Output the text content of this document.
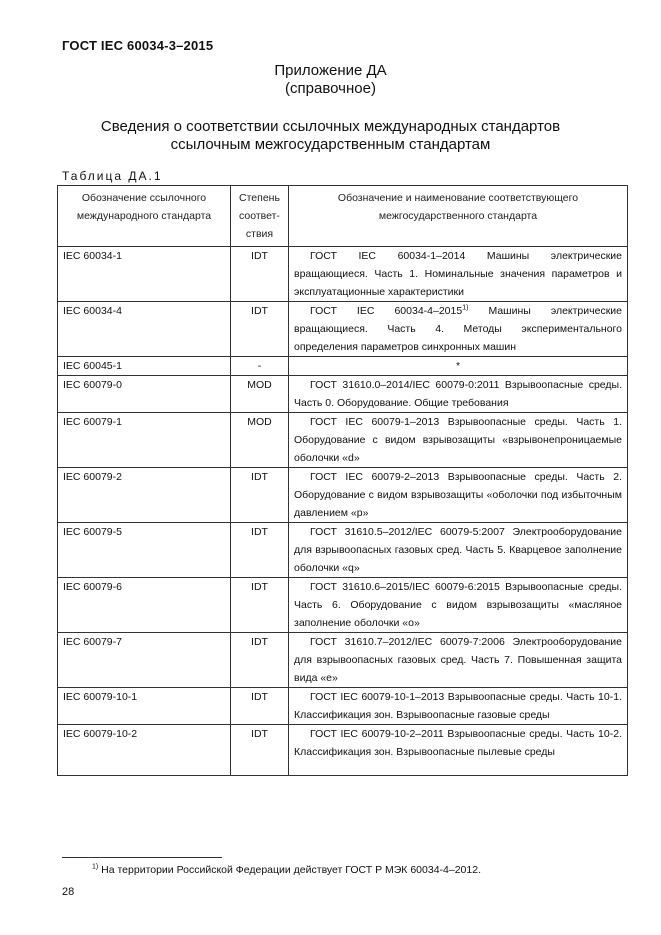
ГОСТ IEC 60034-3–2015
Приложение ДА
(справочное)
Сведения о соответствии ссылочных международных стандартов
ссылочным межгосударственным стандартам
Таблица ДА.1
Обозначение ссылочного международного стандарта	Степень соответ-ствия	Обозначение и наименование соответствующего межгосударственного стандарта
IEC 60034-1	IDT	ГОСТ IEC 60034-1–2014 Машины электрические вращающиеся. Часть 1. Номинальные значения параметров и эксплуатационные характеристики

IEC 60034-4	IDT	ГОСТ IEC 60034-4–2015$^{1)}$ Машины электрические вращающиеся. Часть 4. Методы экспериментального определения параметров синхронных машин

IEC 60045-1	-	*
IEC 60079-0	MOD	ГОСТ 31610.0–2014/IEC 60079-0:2011 Взрывоопасные среды. Часть 0. Оборудование. Общие требования

IEC 60079-1	MOD	ГОСТ IEC 60079-1–2013 Взрывоопасные среды. Часть 1. Оборудование с видом взрывозащиты «взрывонепроницаемые оболочки «d»

IEC 60079-2	IDT	ГОСТ IEC 60079-2–2013 Взрывоопасные среды. Часть 2. Оборудование с видом взрывозащиты «оболочки под избыточным давлением «p»

IEC 60079-5	IDT	ГОСТ 31610.5–2012/IEC 60079-5:2007 Электрооборудование для взрывоопасных газовых сред. Часть 5. Кварцевое заполнение оболочки «q»

IEC 60079-6	IDT	ГОСТ 31610.6–2015/IEC 60079-6:2015 Взрывоопасные среды. Часть 6. Оборудование с видом взрывозащиты «масляное заполнение оболочки «o»

IEC 60079-7	IDT	ГОСТ 31610.7–2012/IEC 60079-7:2006 Электрооборудование для взрывоопасных газовых сред. Часть 7. Повышенная защита вида «e»

IEC 60079-10-1	IDT	ГОСТ IEC 60079-10-1–2013 Взрывоопасные среды. Часть 10-1. Классификация зон. Взрывоопасные газовые среды

IEC 60079-10-2	IDT	ГОСТ IEC 60079-10-2–2011 Взрывоопасные среды. Часть 10-2. Классификация зон. Взрывоопасные пылевые среды
$^{1)}$ На территории Российской Федерации действует ГОСТ Р МЭК 60034-4–2012.
28
